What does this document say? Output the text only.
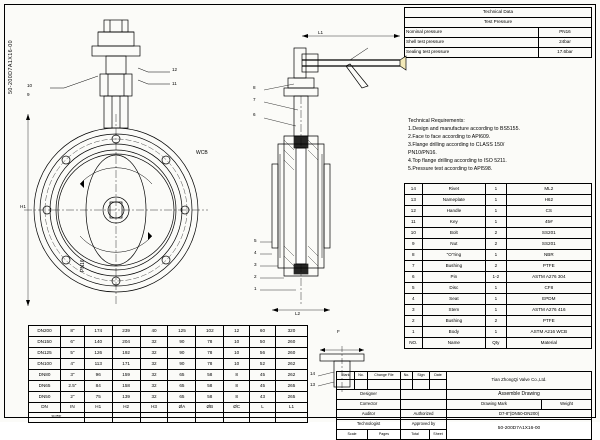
50-200D7A1X16-00
Technical Data	
Test Pressure	
Nominal pressure	PN16
Shell test pressure	24bar
Sealing test pressure	17.6bar
Technical Requirements:
1.Design and manufacture according to BS5155.
2.Face to face according to API609.
3.Flange drilling according to CLASS 150/
PN10/PN16.
4.Top flange drilling according to ISO 5211.
5.Pressure test according to API598.
14	Rivet	1	ML2
13	Nameplate	1	H62
12	Handle	1	CS
11	Key	1	45#
10	Bolt	2	SS201
9	Nut	2	SS201
8	"O"ring	1	NBR
7	Bushing	2	PTFE
6	Pin	1-2	ASTM A276 304
5	Disc	1	CF8
4	Seat	1	EPDM
3	Stem	1	ASTM A276 416
2	Bushing	2	PTFE
1	Body	1	ASTM A216 WCB
NO.	Name	Qty	Material
DN200	8"	174	239	40	125	102	12	60	320
DN150	6"	140	204	32	90	78	10	50	260
DN125	5"	126	192	32	90	78	10	56	260
DN100	4"	113	171	32	90	78	10	52	262
DN80	3"	96	159	32	65	58	8	45	262
DN65	2.5"	84	158	32	65	58	8	45	265
DN50	2"	75	139	32	65	58	8	43	265
DN	IN	H1	H2	H3	ØA	ØB	ØC	L	L1
SIZE									
Mark	No.	Change File	No.	Sign	Date	Tian ZhongQi Valve Co.,Ltd.	

Designer						Assemble Drawing	
Corrector						Drawing Mark	Weight
Auditor			Authorized			D7-8"(DN50-DN200)	
Technologist			Approved by			50-200D7A1X16-00	
Scale		Pages	Total		Sheet		
WCB
PN16
10
9
12
11
H1
L1
8
7
6
5
4
3
2
1
L2
F
14
13
